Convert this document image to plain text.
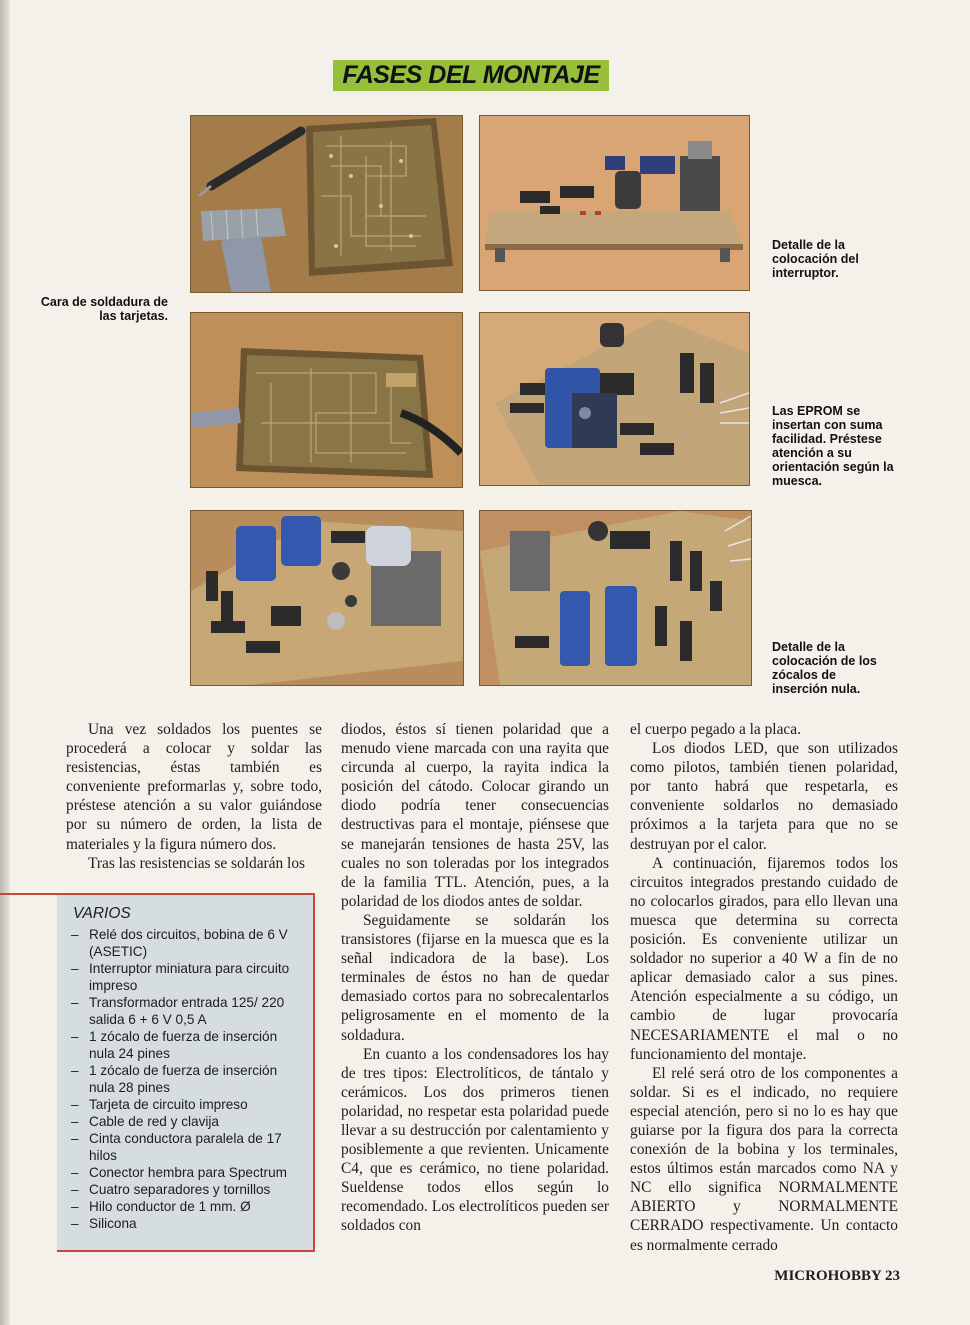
FASES DEL MONTAJE
Cara de soldadura de las tarjetas.
Detalle de la colocación del interruptor.
Las EPROM se insertan con suma facilidad. Préstese atención a su orientación según la muesca.
Detalle de la colocación de los zócalos de inserción nula.

Una vez soldados los puentes se procederá a colocar y soldar las resistencias, éstas también es conveniente preformarlas y, sobre todo, préstese atención a su valor guiándose por su número de orden, la lista de materiales y la figura número dos.

Tras las resistencias se soldarán los

diodos, éstos sí tienen polaridad que a menudo viene marcada con una rayita que circunda al cuerpo, la rayita indica la posición del cátodo. Colocar girando un diodo podría tener consecuencias destructivas para el montaje, piénsese que se manejarán tensiones de hasta 25V, las cuales no son toleradas por los integrados de la familia TTL. Atención, pues, a la polaridad de los diodos antes de soldar.

Seguidamente se soldarán los transistores (fijarse en la muesca que es la señal indicadora de la base). Los terminales de éstos no han de quedar demasiado cortos para no sobrecalentarlos peligrosamente en el momento de la soldadura.

En cuanto a los condensadores los hay de tres tipos: Electrolíticos, de tántalo y cerámicos. Los dos primeros tienen polaridad, no respetar esta polaridad puede llevar a su destrucción por calentamiento y posiblemente a que revienten. Unicamente C4, que es cerámico, no tiene polaridad. Sueldense todos ellos según lo recomendado. Los electrolíticos pueden ser soldados con

el cuerpo pegado a la placa.

Los diodos LED, que son utilizados como pilotos, también tienen polaridad, por tanto habrá que respetarla, es conveniente soldarlos no demasiado próximos a la tarjeta para que no se destruyan por el calor.

A continuación, fijaremos todos los circuitos integrados prestando cuidado de no colocarlos girados, para ello llevan una muesca que determina su correcta posición. Es conveniente utilizar un soldador no superior a 40 W a fin de no aplicar demasiado calor a sus pines. Atención especialmente a su código, un cambio de lugar provocaría NECESARIAMENTE el mal o no funcionamiento del montaje.

El relé será otro de los componentes a soldar. Si es el indicado, no requiere especial atención, pero si no lo es hay que guiarse por la figura dos para la correcta conexión de la bobina y los terminales, estos últimos están marcados como NA y NC ello significa NORMALMENTE ABIERTO y NORMALMENTE CERRADO respectivamente. Un contacto es normalmente cerrado

VARIOS
– Relé dos circuitos, bobina de 6 V (ASETIC)
– Interruptor miniatura para circuito impreso
– Transformador entrada 125/ 220 salida 6 + 6 V 0,5 A
– 1 zócalo de fuerza de inserción nula 24 pines
– 1 zócalo de fuerza de inserción nula 28 pines
– Tarjeta de circuito impreso
– Cable de red y clavija
– Cinta conductora paralela de 17 hilos
– Conector hembra para Spectrum
– Cuatro separadores y tornillos
– Hilo conductor de 1 mm. Ø
– Silicona
MICROHOBBY 23
